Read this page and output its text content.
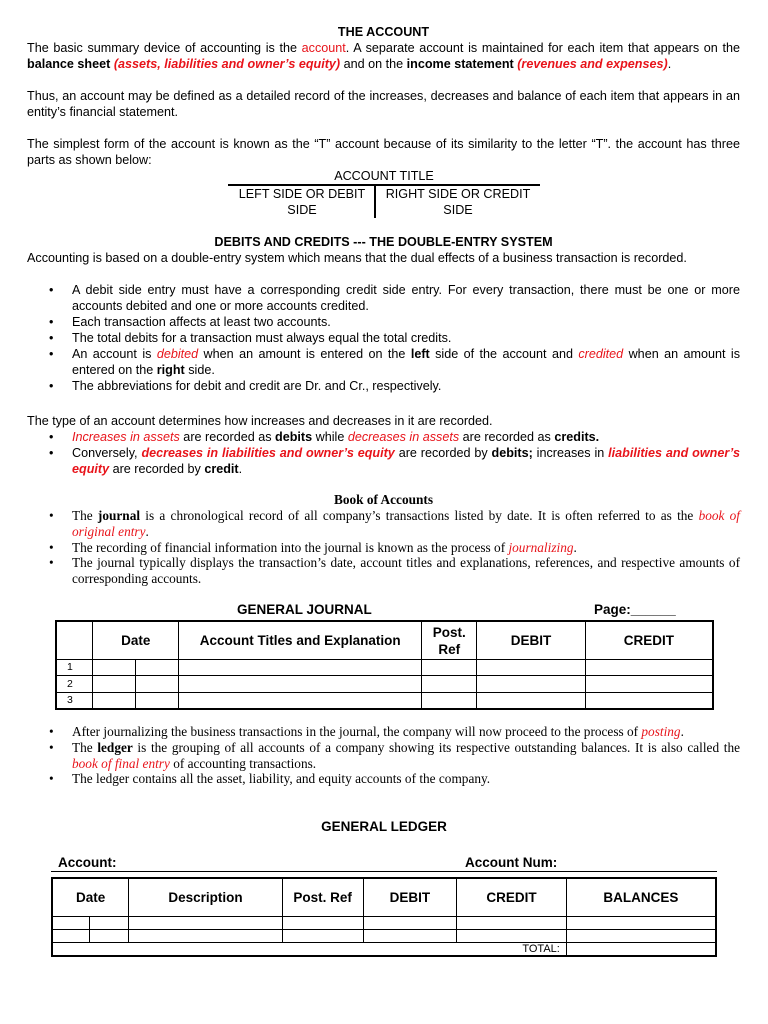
THE ACCOUNT

The basic summary device of accounting is the account. A separate account is maintained for each item that appears on the balance sheet (assets, liabilities and owner’s equity) and on the income statement (revenues and expenses).

Thus, an account may be defined as a detailed record of the increases, decreases and balance of each item that appears in an entity’s financial statement.

The simplest form of the account is known as the “T” account because of its similarity to the letter “T”. the account has three parts as shown below:

ACCOUNT TITLE
LEFT SIDE OR DEBIT SIDE
RIGHT SIDE OR CREDIT SIDE
DEBITS AND CREDITS --- THE DOUBLE-ENTRY SYSTEM

Accounting is based on a double-entry system which means that the dual effects of a business transaction is recorded.

• A debit side entry must have a corresponding credit side entry. For every transaction, there must be one or more accounts debited and one or more accounts credited.
• Each transaction affects at least two accounts.
• The total debits for a transaction must always equal the total credits.
• An account is debited when an amount is entered on the left side of the account and credited when an amount is entered on the right side.
• The abbreviations for debit and credit are Dr. and Cr., respectively.

The type of an account determines how increases and decreases in it are recorded.

• Increases in assets are recorded as debits while decreases in assets are recorded as credits.
• Conversely, decreases in liabilities and owner’s equity are recorded by debits; increases in liabilities and owner’s equity are recorded by credit.
Book of Accounts
• The journal is a chronological record of all company’s transactions listed by date. It is often referred to as the book of original entry.
• The recording of financial information into the journal is known as the process of journalizing.
• The journal typically displays the transaction’s date, account titles and explanations, references, and respective amounts of corresponding accounts.
GENERAL JOURNAL	Page:______
	Date		Account Titles and Explanation	Post. Ref	DEBIT	CREDIT
1						
2						
3						
• After journalizing the business transactions in the journal, the company will now proceed to the process of posting.
• The ledger is the grouping of all accounts of a company showing its respective outstanding balances. It is also called the book of final entry of accounting transactions.
• The ledger contains all the asset, liability, and equity accounts of the company.
GENERAL LEDGER
Account:	Account Num:
Date		Description	Post. Ref	DEBIT	CREDIT	BALANCES

					TOTAL:	
